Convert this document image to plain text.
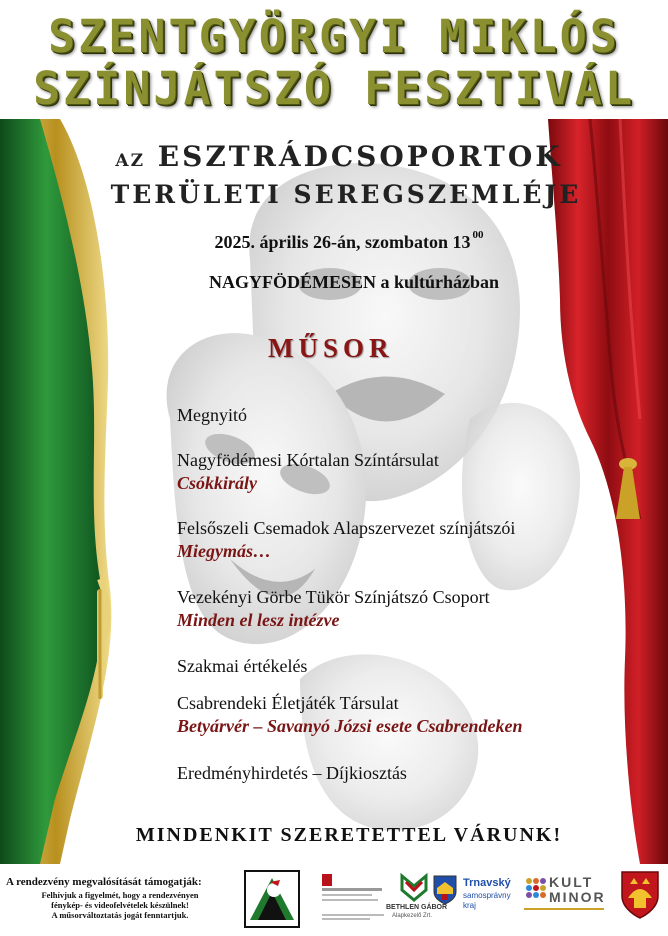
SZENTGYÖRGYI MIKLÓS
SZÍNJÁTSZÓ FESZTIVÁL
AZ ESZTRÁDCSOPORTOK
TERÜLETI SEREGSZEMLÉJE
2025. április 26-án, szombaton 13 $^{00}$
NAGYFÖDÉMESEN a kultúrházban
MŰSOR
Megnyitó
Nagyfödémesi Kórtalan Színtársulat
Csókkirály
Felsőszeli Csemadok Alapszervezet színjátszói
Miegymás…
Vezekényi Görbe Tükör Színjátszó Csoport
Minden el lesz intézve
Szakmai értékelés
Csabrendeki Életjáték Társulat
Betyárvér – Savanyó Józsi esete Csabrendeken
Eredményhirdetés – Díjkiosztás
MINDENKIT SZERETETTEL VÁRUNK!
A rendezvény megvalósítását támogatják:
Felhívjuk a figyelmét, hogy a rendezvényen
fénykép- és videofelvételek készülnek!
A műsorváltoztatás jogát fenntartjuk.
BETHLEN GÁBOR
Alapkezelő Zrt.
Trnavský
samosprávny
kraj
KULT
MINOR
